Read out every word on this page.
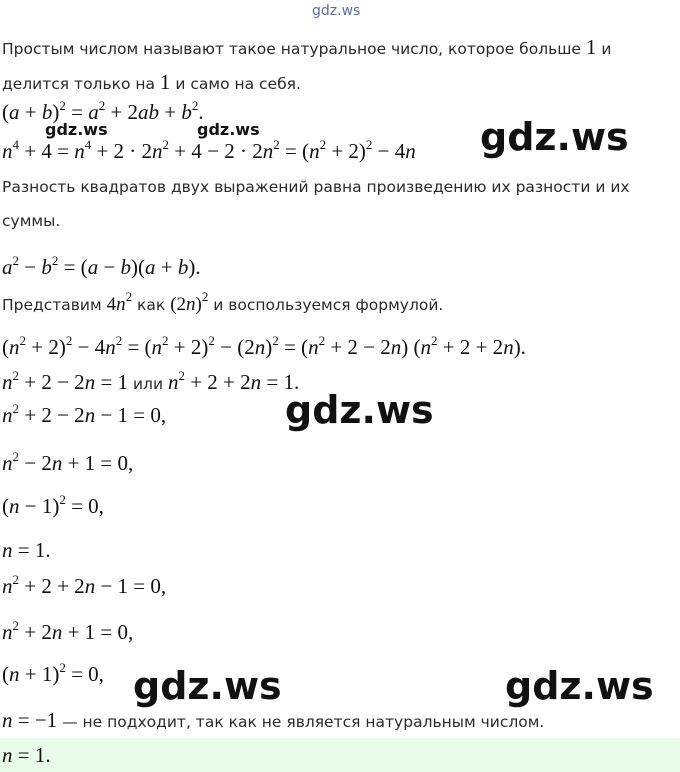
gdz.ws
gdz.ws	gdz.ws
Простым числом называют такое натуральное число, которое больше 1 и
делится только на 1 и само на себя.
$(a + b)^2 = a^2 + 2ab + b^2$.
$n^4 + 4 = n^4 + 2 \cdot 2n^2 + 4 - 2 \cdot 2n^2 = (n^2 + 2)^2 - 4n$ gdz.ws
Разность квадратов двух выражений равна произведению их разности и их
суммы.
$a^2 - b^2 = (a - b)(a + b)$.
Представим $4n^2$ как $(2n)^2$ и воспользуемся формулой.
$(n^2 + 2)^2 - 4n^2 = (n^2 + 2)^2 - (2n)^2 = (n^2 + 2 - 2n) (n^2 + 2 + 2n)$.
$n^2 + 2 - 2n = 1$ или $n^2 + 2 + 2n = 1$.
$n^2 + 2 - 2n - 1 = 0$,	gdz.ws
$n^2 - 2n + 1 = 0$,
$(n - 1)^2 = 0$,
n = 1.
$n^2 + 2 + 2n - 1 = 0$,
$n^2 + 2n + 1 = 0$,
$(n + 1)^2 = 0$, gdz.ws	gdz.ws
n = −1 — не подходит, так как не является натуральным числом.
n = 1.
